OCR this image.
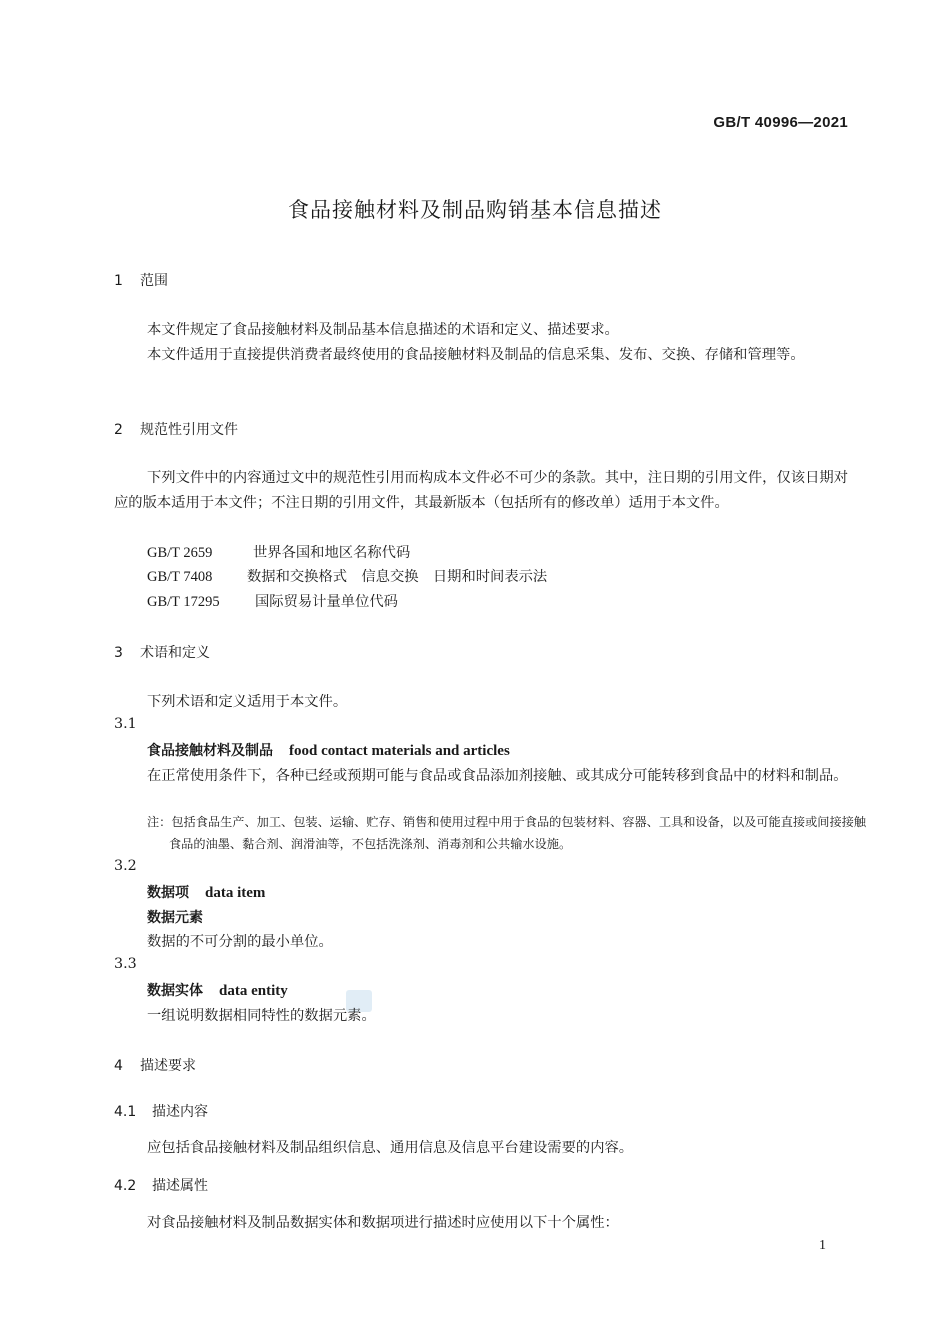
GB/T 40996—2021
食品接触材料及制品购销基本信息描述
1 范围
本文件规定了食品接触材料及制品基本信息描述的术语和定义、描述要求。
本文件适用于直接提供消费者最终使用的食品接触材料及制品的信息采集、发布、交换、存储和管理等。
2 规范性引用文件
下列文件中的内容通过文中的规范性引用而构成本文件必不可少的条款。其中，注日期的引用文件，仅该日期对应的版本适用于本文件；不注日期的引用文件，其最新版本（包括所有的修改单）适用于本文件。
GB/T 2659	世界各国和地区名称代码
GB/T 7408 数据和交换格式　信息交换　日期和时间表示法
GB/T 17295 国际贸易计量单位代码
3 术语和定义
下列术语和定义适用于本文件。
3.1
食品接触材料及制品 food contact materials and articles
在正常使用条件下，各种已经或预期可能与食品或食品添加剂接触、或其成分可能转移到食品中的材料和制品。
注：包括食品生产、加工、包装、运输、贮存、销售和使用过程中用于食品的包装材料、容器、工具和设备，以及可能直接或间接接触食品的油墨、黏合剂、润滑油等，不包括洗涤剂、消毒剂和公共输水设施。
3.2
数据项 data item
数据元素
数据的不可分割的最小单位。
3.3
数据实体 data entity
一组说明数据相同特性的数据元素。
4 描述要求
4.1 描述内容
应包括食品接触材料及制品组织信息、通用信息及信息平台建设需要的内容。
4.2 描述属性
对食品接触材料及制品数据实体和数据项进行描述时应使用以下十个属性：
1
